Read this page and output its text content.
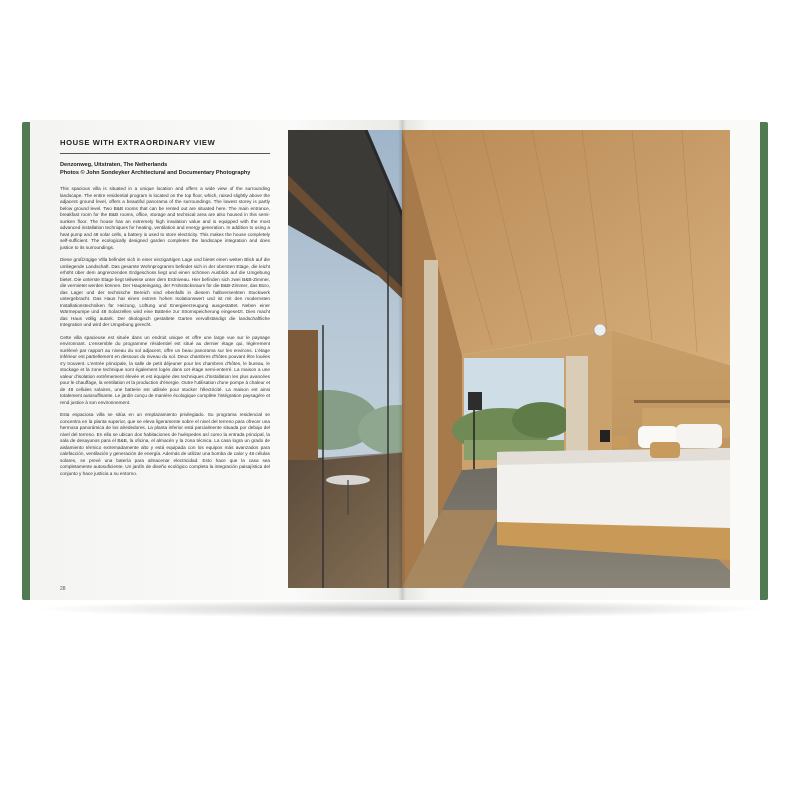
HOUSE WITH EXTRAORDINARY VIEW
Denzonweg, Uitstraten, The Netherlands
Photos © John Sondeyker Architectural and Documentary Photography

This spacious villa is situated in a unique location and offers a wide view of the surrounding landscape. The entire residential program is located on the top floor, which, raised slightly above the adjacent ground level, offers a beautiful panorama of the surroundings. The lowest storey is partly below ground level. Two B&B rooms that can be rented out are situated here. The main entrance, breakfast room for the B&B rooms, office, storage and technical area are also housed in this semi-sunken floor. The house has an extremely high insulation value and is equipped with the most advanced installation techniques for heating, ventilation and energy generation. In addition to using a heat pump and 48 solar cells, a battery is used to store electricity. This makes the house completely self-sufficient. The ecologically designed garden completes the landscape integration and does justice to its surroundings.

Diese großzügige Villa befindet sich in einer einzigartigen Lage und bietet einen weiten Blick auf die umliegende Landschaft. Das gesamte Wohnprogramm befindet sich in der obersten Etage, die leicht erhöht über dem angrenzenden Erdgeschoss liegt und einen schönen Ausblick auf die Umgebung bietet. Die unterste Etage liegt teilweise unter dem Erdniveau. Hier befinden sich zwei B&B-Zimmer, die vermietet werden können. Der Haupteingang, der Frühstücksraum für die B&B-Zimmer, das Büro, das Lager und der technische Bereich sind ebenfalls in diesem halbversenkten Stockwerk untergebracht. Das Haus hat einen extrem hohen Isolationswert und ist mit den modernsten Installationstechniken für Heizung, Lüftung und Energieerzeugung ausgestattet. Neben einer Wärmepumpe und 48 Solarzellen wird eine Batterie zur Stromspeicherung eingesetzt. Dies macht das Haus völlig autark. Der ökologisch gestaltete Garten vervollständigt die landschaftliche Integration und wird der Umgebung gerecht.

Cette villa spacieuse est située dans un endroit unique et offre une large vue sur le paysage environnant. L'ensemble du programme résidentiel est situé au dernier étage qui, légèrement surélevé par rapport au niveau du sol adjacent, offre un beau panorama sur les environs. L'étage inférieur est partiellement en dessous du niveau du sol. Deux chambres d'hôtes pouvant être louées s'y trouvent. L'entrée principale, la salle de petit déjeuner pour les chambres d'hôtes, le bureau, le stockage et la zone technique sont également logés dans cet étage semi-enterré. La maison a une valeur d'isolation extrêmement élevée et est équipée des techniques d'installation les plus avancées pour le chauffage, la ventilation et la production d'énergie. Outre l'utilisation d'une pompe à chaleur et de 48 cellules solaires, une batterie est utilisée pour stocker l'électricité. La maison est ainsi totalement autosuffisante. Le jardin conçu de manière écologique complète l'intégration paysagère et rend justice à son environnement.

Esta espaciosa villa se sitúa en un emplazamiento privilegiado. Su programa residencial se concentra en la planta superior, que se eleva ligeramente sobre el nivel del terreno para ofrecer una hermosa panorámica de los alrededores. La planta inferior está parcialmente situada por debajo del nivel del terreno. En ella se ubican dos habitaciones de huéspedes así como la entrada principal, la sala de desayunos para el B&B, la oficina, el almacén y la zona técnica. La casa logra un grado de aislamiento térmico extremadamente alto y está equipada con los equipos más avanzados para calefacción, ventilación y generación de energía. Además de utilizar una bomba de calor y 48 células solares, se prevé una batería para almacenar electricidad. Esto hace que la casa sea completamente autosuficiente. Un jardín de diseño ecológico completa la integración paisajística del conjunto y hace justicia a su entorno.

28
